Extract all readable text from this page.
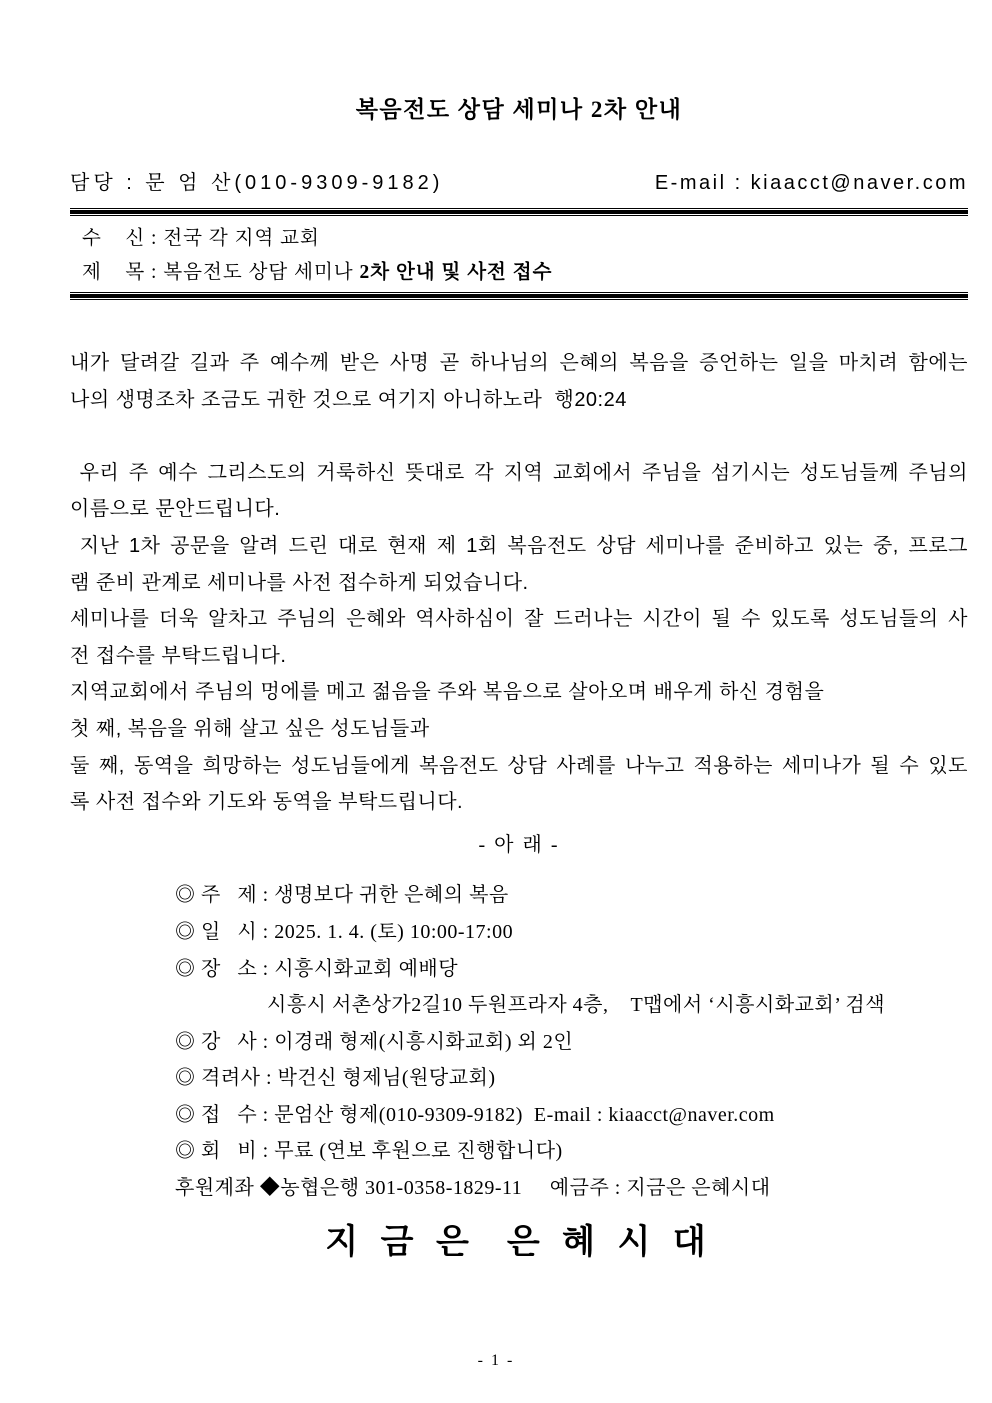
복음전도 상담 세미나 2차 안내
담당 : 문 엄 산(010-9309-9182)	E-mail : kiaacct@naver.com
수    신 : 전국 각 지역 교회
제    목 : 복음전도 상담 세미나 2차 안내 및 사전 접수
내가 달려갈 길과 주 예수께 받은 사명 곧 하나님의 은혜의 복음을 증언하는 일을 마치려 함에는
나의 생명조차 조금도 귀한 것으로 여기지 아니하노라  행20:24

우리 주 예수 그리스도의 거룩하신 뜻대로 각 지역 교회에서 주님을 섬기시는 성도님들께 주님의
이름으로 문안드립니다.
지난 1차 공문을 알려 드린 대로 현재 제 1회 복음전도 상담 세미나를 준비하고 있는 중, 프로그
램 준비 관계로 세미나를 사전 접수하게 되었습니다.
세미나를 더욱 알차고 주님의 은혜와 역사하심이 잘 드러나는 시간이 될 수 있도록 성도님들의 사
전 접수를 부탁드립니다.
지역교회에서 주님의 멍에를 메고 젊음을 주와 복음으로 살아오며 배우게 하신 경험을
첫 째, 복음을 위해 살고 싶은 성도님들과
둘 째, 동역을 희망하는 성도님들에게 복음전도 상담 사례를 나누고 적용하는 세미나가 될 수 있도
록 사전 접수와 기도와 동역을 부탁드립니다.
- 아 래 -
◎ 주   제 : 생명보다 귀한 은혜의 복음
◎ 일   시 : 2025. 1. 4. (토) 10:00-17:00
◎ 장   소 : 시흥시화교회 예배당
시흥시 서촌상가2길10 두원프라자 4층,    T맵에서 ‘시흥시화교회’ 검색
◎ 강   사 : 이경래 형제(시흥시화교회) 외 2인
◎ 격려사 : 박건신 형제님(원당교회)
◎ 접   수 : 문엄산 형제(010-9309-9182)  E-mail : kiaacct@naver.com
◎ 회   비 : 무료 (연보 후원으로 진행합니다)
후원계좌 ◆농협은행 301-0358-1829-11     예금주 : 지금은 은혜시대
지 금 은  은 혜 시 대
- 1 -
